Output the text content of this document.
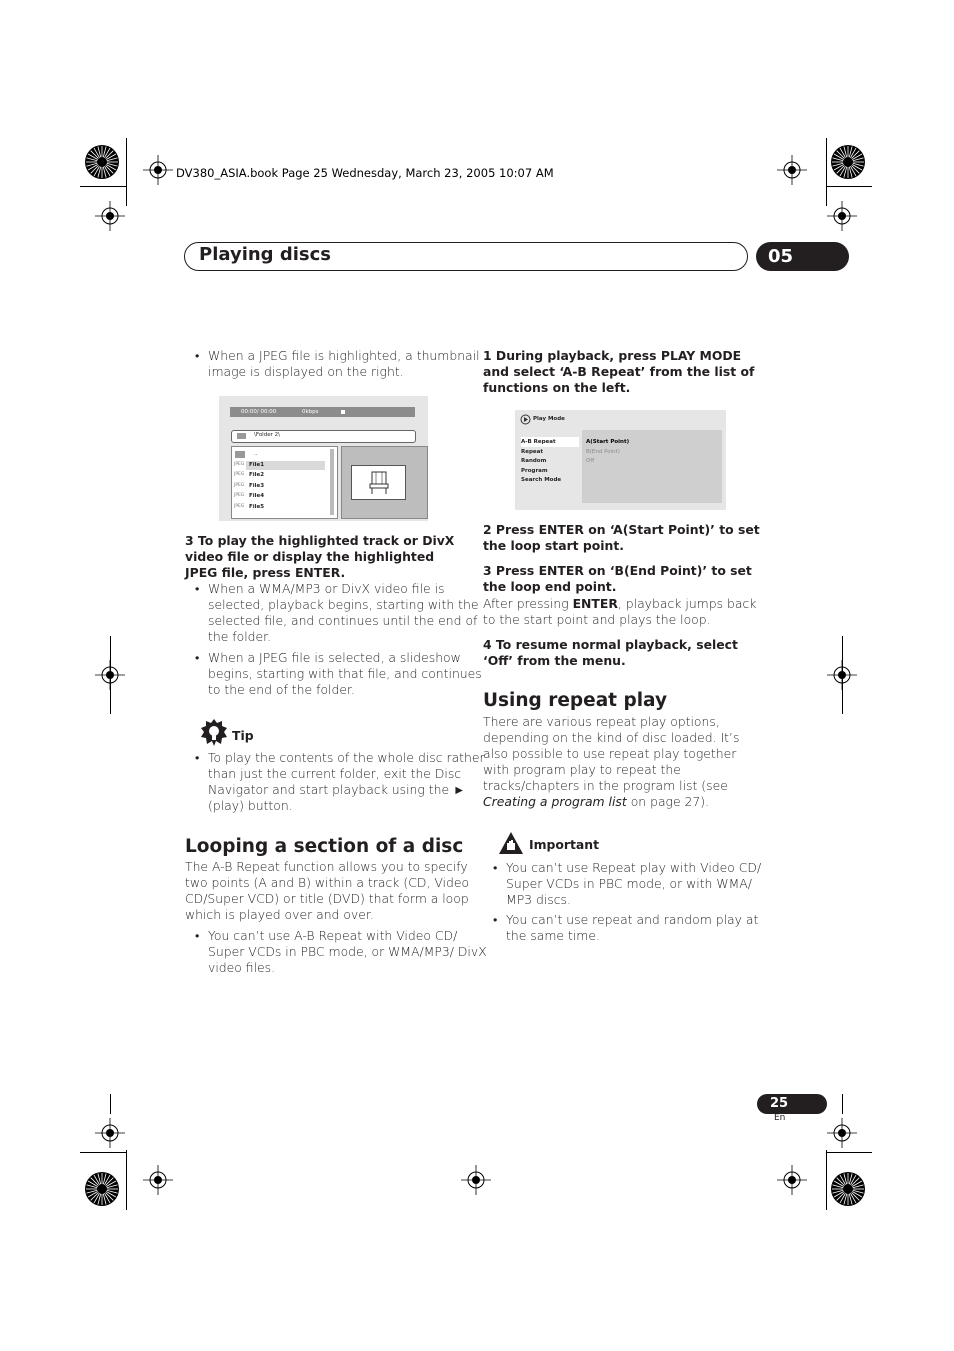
DV380_ASIA.book Page 25 Wednesday, March 23, 2005 10:07 AM
Playing discs	05
• When a JPEG file is highlighted, a thumbnail image is displayed on the right.
00:00/ 00:00	0kbps
\Folder 2\
..
JPEG File1
JPEG File2
JPEG File3
JPEG File4
JPEG File5
3 To play the highlighted track or DivX video file or display the highlighted JPEG file, press ENTER.
• When a WMA/MP3 or DivX video file is selected, playback begins, starting with the selected file, and continues until the end of the folder.
• When a JPEG file is selected, a slideshow begins, starting with that file, and continues to the end of the folder.
Tip
• To play the contents of the whole disc rather than just the current folder, exit the Disc Navigator and start playback using the ► (play) button.
Looping a section of a disc
The A-B Repeat function allows you to specify two points (A and B) within a track (CD, Video CD/Super VCD) or title (DVD) that form a loop which is played over and over.
• You can’t use A-B Repeat with Video CD/ Super VCDs in PBC mode, or WMA/MP3/ DivX video files.
1 During playback, press PLAY MODE and select ‘A-B Repeat’ from the list of functions on the left.
Play Mode
A-B Repeat
Repeat
Random
Program
Search Mode
A(Start Point)
B(End Point)
Off
2 Press ENTER on ‘A(Start Point)’ to set the loop start point.
3 Press ENTER on ‘B(End Point)’ to set the loop end point.
After pressing ENTER, playback jumps back to the start point and plays the loop.
4 To resume normal playback, select ‘Off’ from the menu.
Using repeat play
There are various repeat play options, depending on the kind of disc loaded. It’s also possible to use repeat play together with program play to repeat the tracks/chapters in the program list (see Creating a program list on page 27).
Important
• You can’t use Repeat play with Video CD/ Super VCDs in PBC mode, or with WMA/ MP3 discs.
• You can’t use repeat and random play at the same time.
25
En
